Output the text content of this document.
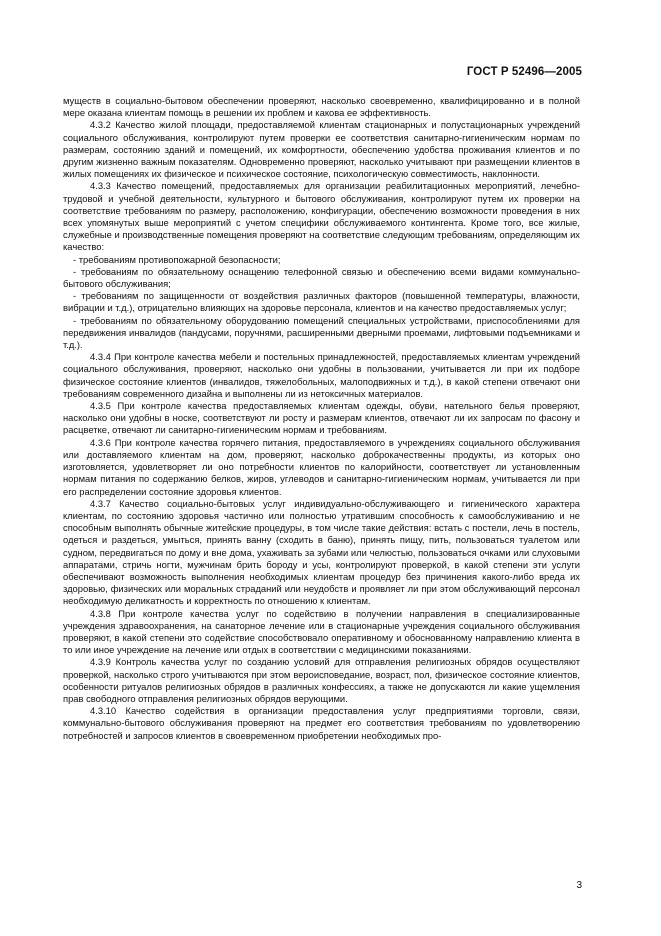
ГОСТ Р 52496—2005

муществ в социально-бытовом обеспечении проверяют, насколько своевременно, квалифицированно и в полной мере оказана клиентам помощь в решении их проблем и какова ее эффективность.

4.3.2 Качество жилой площади, предоставляемой клиентам стационарных и полустационарных учреждений социального обслуживания, контролируют путем проверки ее соответствия санитарно-гигиеническим нормам по размерам, состоянию зданий и помещений, их комфортности, обеспечению удобства проживания клиентов и по другим жизненно важным показателям. Одновременно проверяют, насколько учитывают при размещении клиентов в жилых помещениях их физическое и психическое состояние, психологическую совместимость, наклонности.

4.3.3 Качество помещений, предоставляемых для организации реабилитационных мероприятий, лечебно-трудовой и учебной деятельности, культурного и бытового обслуживания, контролируют путем их проверки на соответствие требованиям по размеру, расположению, конфигурации, обеспечению возможности проведения в них всех упомянутых выше мероприятий с учетом специфики обслуживаемого контингента. Кроме того, все жилые, служебные и производственные помещения проверяют на соответствие следующим требованиям, определяющим их качество:

- требованиям противопожарной безопасности;

- требованиям по обязательному оснащению телефонной связью и обеспечению всеми видами коммунально-бытового обслуживания;

- требованиям по защищенности от воздействия различных факторов (повышенной температуры, влажности, вибрации и т.д.), отрицательно влияющих на здоровье персонала, клиентов и на качество предоставляемых услуг;

- требованиям по обязательному оборудованию помещений специальных устройствами, приспособлениями для передвижения инвалидов (пандусами, поручнями, расширенными дверными проемами, лифтовыми подъемниками и т.д.).

4.3.4 При контроле качества мебели и постельных принадлежностей, предоставляемых клиентам учреждений социального обслуживания, проверяют, насколько они удобны в пользовании, учитывается ли при их подборе физическое состояние клиентов (инвалидов, тяжелобольных, малоподвижных и т.д.), в какой степени отвечают они требованиям современного дизайна и выполнены ли из нетоксичных материалов.

4.3.5 При контроле качества предоставляемых клиентам одежды, обуви, нательного белья проверяют, насколько они удобны в носке, соответствуют ли росту и размерам клиентов, отвечают ли их запросам по фасону и расцветке, отвечают ли санитарно-гигиеническим нормам и требованиям.

4.3.6 При контроле качества горячего питания, предоставляемого в учреждениях социального обслуживания или доставляемого клиентам на дом, проверяют, насколько доброкачественны продукты, из которых оно изготовляется, удовлетворяет ли оно потребности клиентов по калорийности, соответствует ли установленным нормам питания по содержанию белков, жиров, углеводов и санитарно-гигиеническим нормам, учитывается ли при его распределении состояние здоровья клиентов.

4.3.7 Качество социально-бытовых услуг индивидуально-обслуживающего и гигиенического характера клиентам, по состоянию здоровья частично или полностью утратившим способность к самообслуживанию и не способным выполнять обычные житейские процедуры, в том числе такие действия: встать с постели, лечь в постель, одеться и раздеться, умыться, принять ванну (сходить в баню), принять пищу, пить, пользоваться туалетом или судном, передвигаться по дому и вне дома, ухаживать за зубами или челюстью, пользоваться очками или слуховыми аппаратами, стричь ногти, мужчинам брить бороду и усы, контролируют проверкой, в какой степени эти услуги обеспечивают возможность выполнения необходимых клиентам процедур без причинения какого-либо вреда их здоровью, физических или моральных страданий или неудобств и проявляет ли при этом обслуживающий персонал необходимую деликатность и корректность по отношению к клиентам.

4.3.8 При контроле качества услуг по содействию в получении направления в специализированные учреждения здравоохранения, на санаторное лечение или в стационарные учреждения социального обслуживания проверяют, в какой степени это содействие способствовало оперативному и обоснованному направлению клиента в то или иное учреждение на лечение или отдых в соответствии с медицинскими показаниями.

4.3.9 Контроль качества услуг по созданию условий для отправления религиозных обрядов осуществляют проверкой, насколько строго учитываются при этом вероисповедание, возраст, пол, физическое состояние клиентов, особенности ритуалов религиозных обрядов в различных конфессиях, а также не допускаются ли какие ущемления прав свободного отправления религиозных обрядов верующими.

4.3.10 Качество содействия в организации предоставления услуг предприятиями торговли, связи, коммунально-бытового обслуживания проверяют на предмет его соответствия требованиям по удовлетворению потребностей и запросов клиентов в своевременном приобретении необходимых про-

3
